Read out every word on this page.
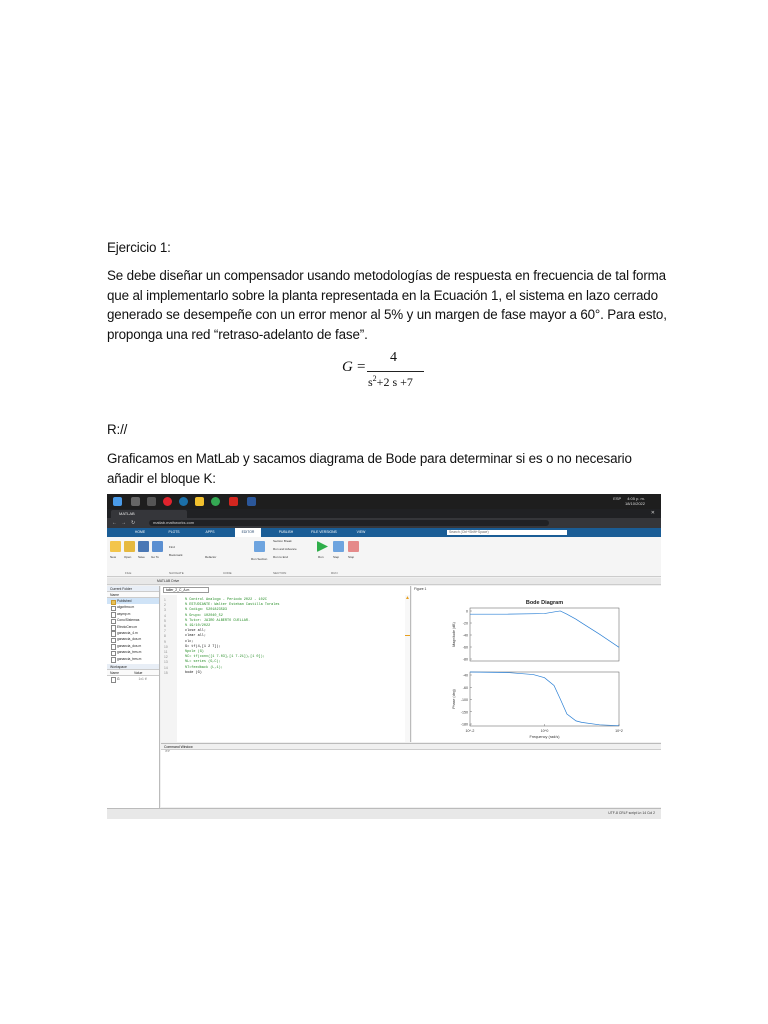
Ejercicio 1:
Se debe diseñar un compensador usando metodologías de respuesta en frecuencia de tal forma que al implementarlo sobre la planta representada en la Ecuación 1, el sistema en lazo cerrado generado se desempeñe con un error menor al 5% y un margen de fase mayor a 60°. Para esto, proponga una red “retraso-adelanto de fase”.
G =
4
$s^2+2$ s +7
R://
Graficamos en MatLab y sacamos diagrama de Bode para determinar si es o no necesario añadir el bloque K:
ESP 4:05 p. m.
18/10/2022
MATLAB	✕
← → ↻	matlab.mathworks.com
HOME	PLOTS	APPS	EDITOR	PUBLISH	FILE VERSIONS	VIEW	Search (Ctrl+Shift+Space)
New	Open Save Go To
Find
Bookmark	Refactor	Run Section
Section Break
Run and Advance
Run to End	Run	Step	Stop
FILE	NAVIGATE	CODE	SECTION	RUN
MATLAB Drive
Current Folder
Name
Published
algoritmo.m
asymp.m
Cono/Sistemas
EfectoCero.m
ganancia_4.m
ganancia_dos.m
ganancia_dos.m
ganancia_tres.m
ganancia_tres.m
Workspace
Name	Value
G	1x1 tf
taller_2_C_A.m
1
2
3
4
5
6
7
8
9
10
11
12
13
14
15
% Control Analogo - Periodo 2022 - 102C
% ESTUDIANTE: Walter Esteban Castilla Torales
% Codigo: 5201823593
% Grupo: 102040_52
% Tutor: JAIRO ALBERTO CUELLAR.
% 19/10/2022
close all;
clear all;
clc;
G= tf(4,[1 2 7]);
%pole (G)
%C= tf(conv([1 7.03],[1 7.21]),[1 0]);
%L= series (G,C);
%T=feedback (L,1);
bode (G)
▲
Figure 1
Bode Diagram
0
-20
-40
-60
-80
Magnitude (dB)
-40
-60
-100
-150
-180
Phase (deg)
10^-2	10^0	10^2
Frequency (rad/s)
Command Window
>>
UTF-8 CRLF script Ln 14 Col 2
